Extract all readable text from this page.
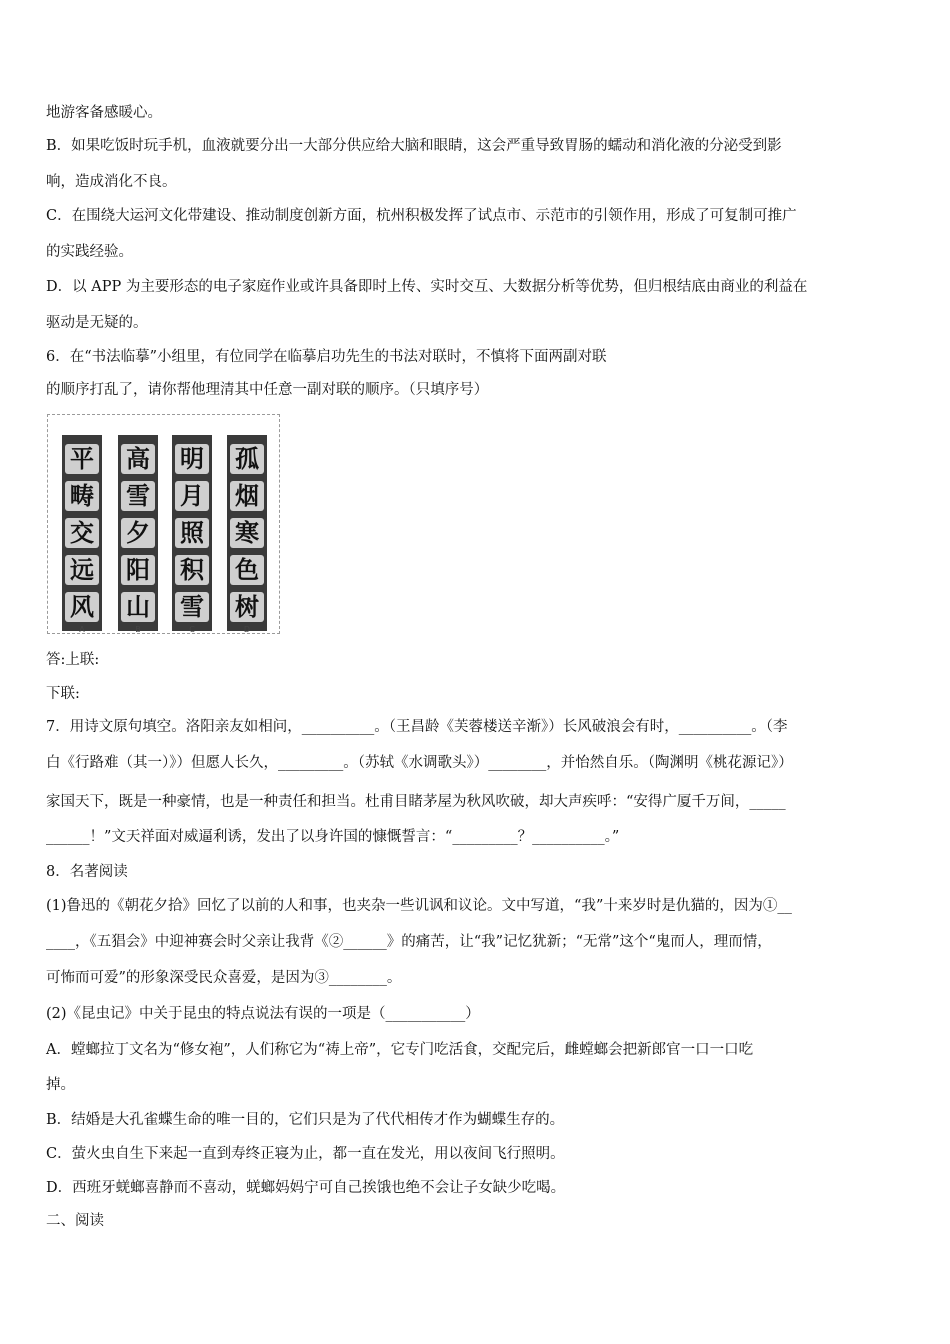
地游客备感暖心。
B．如果吃饭时玩手机，血液就要分出一大部分供应给大脑和眼睛，这会严重导致胃肠的蠕动和消化液的分泌受到影
响，造成消化不良。
C．在围绕大运河文化带建设、推动制度创新方面，杭州积极发挥了试点市、示范市的引领作用，形成了可复制可推广
的实践经验。
D．以 APP 为主要形态的电子家庭作业或许具备即时上传、实时交互、大数据分析等优势，但归根结底由商业的利益在
驱动是无疑的。
6．在“书法临摹”小组里，有位同学在临摹启功先生的书法对联时，不慎将下面两副对联
的顺序打乱了，请你帮他理清其中任意一副对联的顺序。（只填序号）
平
畴
交
远
风
高
雪
夕
阳
山
明
月
照
积
雪
孤
烟
寒
色
树
A	B	C	D
答:上联:
下联:
7．用诗文原句填空。洛阳亲友如相问，__________。（王昌龄《芙蓉楼送辛渐》）长风破浪会有时，__________。（李
白《行路难（其一）》）但愿人长久，_________。（苏轼《水调歌头》）________，并怡然自乐。（陶渊明《桃花源记》）
家国天下，既是一种豪情，也是一种责任和担当。杜甫目睹茅屋为秋风吹破，却大声疾呼：“安得广厦千万间，_____
______！”文天祥面对威逼利诱，发出了以身许国的慷慨誓言：“_________？__________。”
8．名著阅读
(1)鲁迅的《朝花夕拾》回忆了以前的人和事，也夹杂一些讥讽和议论。文中写道，“我”十来岁时是仇猫的，因为①__
____，《五猖会》中迎神赛会时父亲让我背《②______》的痛苦，让“我”记忆犹新；“无常”这个“鬼而人，理而情，
可怖而可爱”的形象深受民众喜爱，是因为③________。
(2)《昆虫记》中关于昆虫的特点说法有误的一项是（___________）
A．螳螂拉丁文名为“修女袍”，人们称它为“祷上帝”，它专门吃活食，交配完后，雌螳螂会把新郎官一口一口吃
掉。
B．结婚是大孔雀蝶生命的唯一目的，它们只是为了代代相传才作为蝴蝶生存的。
C．萤火虫自生下来起一直到寿终正寝为止，都一直在发光，用以夜间飞行照明。
D．西班牙蜣螂喜静而不喜动，蜣螂妈妈宁可自己挨饿也绝不会让子女缺少吃喝。
二、阅读
